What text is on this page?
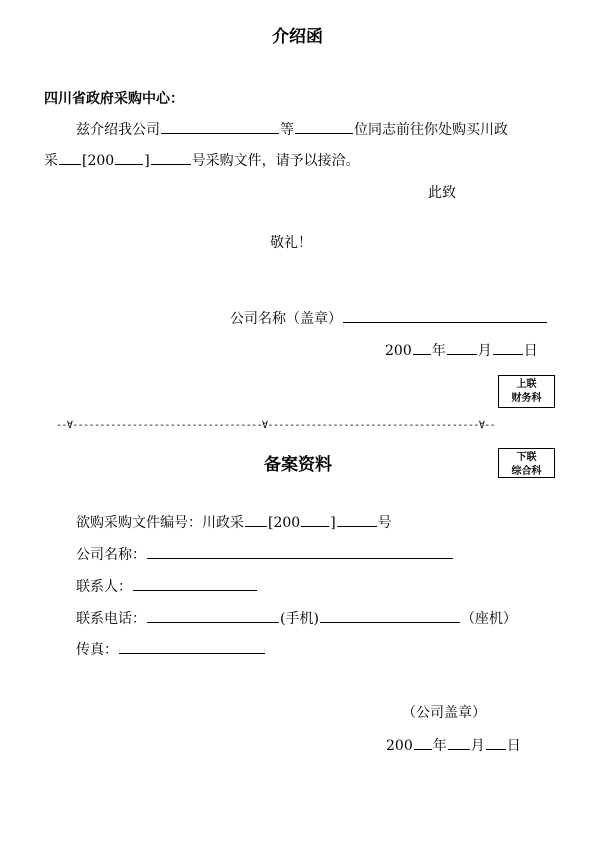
介绍函
四川省政府采购中心：
兹介绍我公司	等	位同志前往你处购买川政
采 [200 ]	号采购文件，请予以接洽。
此致
敬礼！
公司名称（盖章）
200 年 月 日
上联
财务科
--∀-----------------------------------∀---------------------------------------∀--
备案资料	下联
综合科
欲购采购文件编号：川政采 [200 ]	号
公司名称：
联系人：
联系电话：	(手机)	（座机）
传真：
（公司盖章）
200 年 月 日
